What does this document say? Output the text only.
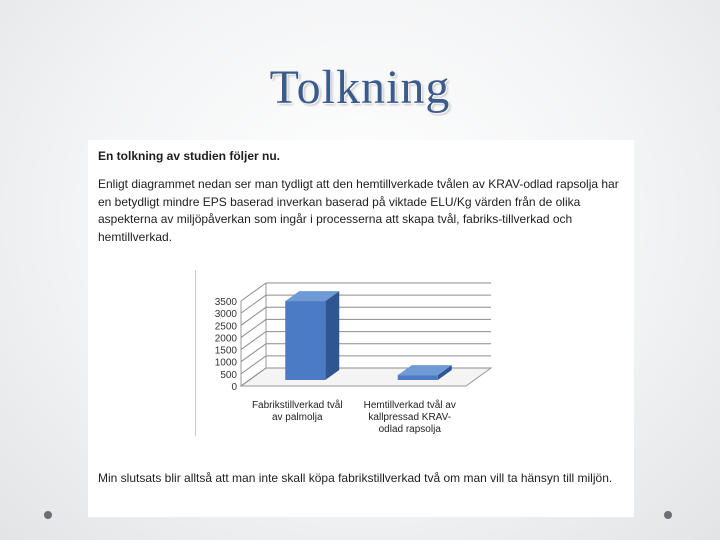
Tolkning
En tolkning av studien följer nu.
Enligt diagrammet nedan ser man tydligt att den hemtillverkade tvålen av KRAV-odlad rapsolja har en betydligt mindre EPS baserad inverkan baserad på viktade ELU/Kg värden från de olika aspekterna av miljöpåverkan som ingår i processerna att skapa tvål, fabriks-tillverkad och hemtillverkad.
0
500
1000
1500
2000
2500
3000
3500
Fabrikstillverkad tvål
av palmolja
Hemtillverkad tvål av
kallpressad KRAV-
odlad rapsolja
Min slutsats blir alltså att man inte skall köpa fabrikstillverkad två om man vill ta hänsyn till miljön.
